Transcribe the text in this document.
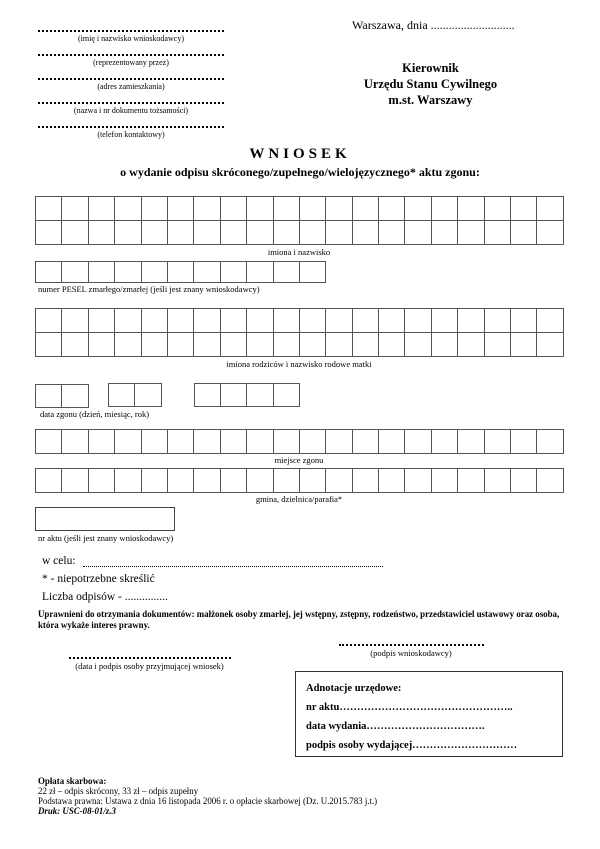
(imię i nazwisko wnioskodawcy)
(reprezentowany przez)
(adres zamieszkania)
(nazwa i nr dokumentu tożsamości)
(telefon kontaktowy)
Warszawa, dnia ............................
Kierownik
Urzędu Stanu Cywilnego
m.st. Warszawy
WNIOSEK
o wydanie odpisu skróconego/zupełnego/wielojęzycznego* aktu zgonu:
imiona i nazwisko
numer PESEL zmarłego/zmarłej (jeśli jest znany wnioskodawcy)
imiona rodziców i nazwisko rodowe matki
data zgonu (dzień, miesiąc, rok)
miejsce zgonu
gmina, dzielnica/parafia*
nr aktu (jeśli jest znany wnioskodawcy)
w celu:
* - niepotrzebne skreślić
Liczba odpisów - ...............
Uprawnieni do otrzymania dokumentów: małżonek osoby zmarłej, jej wstępny, zstępny, rodzeństwo, przedstawiciel ustawowy oraz osoba, która wykaże interes prawny.
(podpis wnioskodawcy)
(data i podpis osoby przyjmującej wniosek)
Adnotacje urzędowe:
nr aktu…………………………………………..
data wydania…………………………….
podpis osoby wydającej…………………………
Opłata skarbowa:
22 zł – odpis skrócony, 33 zł – odpis zupełny
Podstawa prawna: Ustawa z dnia 16 listopada 2006 r. o opłacie skarbowej (Dz. U.2015.783 j.t.)
Druk: USC-08-01/z.3
